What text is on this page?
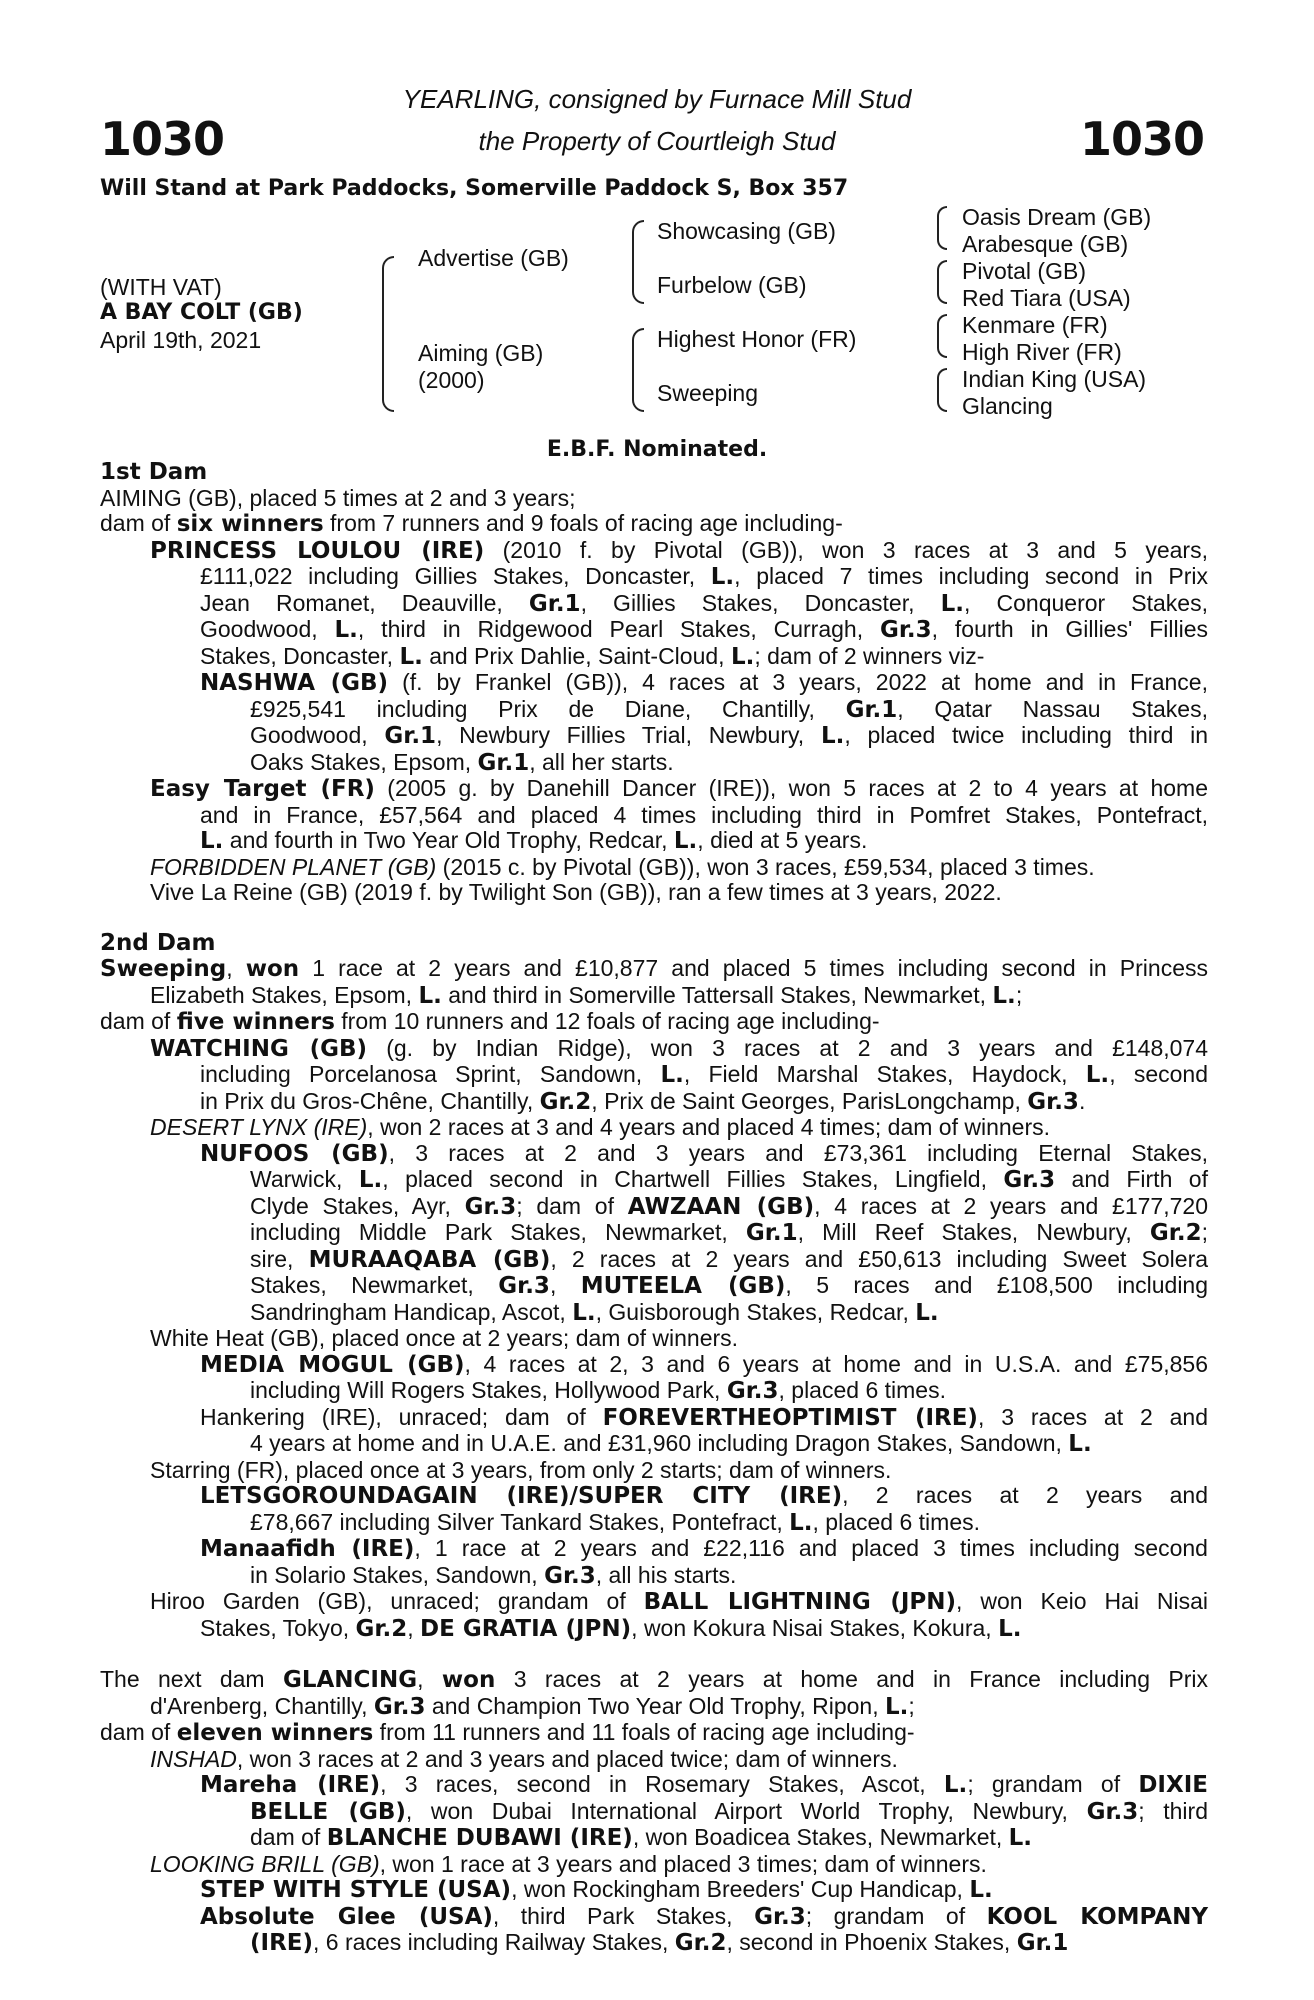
1030	1030
YEARLING, consigned by Furnace Mill Stud
the Property of Courtleigh Stud
Will Stand at Park Paddocks, Somerville Paddock S, Box 357
(WITH VAT)
A BAY COLT (GB)
April 19th, 2021
Advertise (GB)
Aiming (GB)
(2000)
Showcasing (GB)
Furbelow (GB)
Highest Honor (FR)
Sweeping
Oasis Dream (GB)
Arabesque (GB)
Pivotal (GB)
Red Tiara (USA)
Kenmare (FR)
High River (FR)
Indian King (USA)
Glancing
E.B.F. Nominated.
1st Dam
AIMING (GB), placed 5 times at 2 and 3 years;
dam of six winners from 7 runners and 9 foals of racing age including-
PRINCESS LOULOU (IRE) (2010 f. by Pivotal (GB)), won 3 races at 3 and 5 years,
£111,022 including Gillies Stakes, Doncaster, L., placed 7 times including second in Prix
Jean Romanet, Deauville, Gr.1, Gillies Stakes, Doncaster, L., Conqueror Stakes,
Goodwood, L., third in Ridgewood Pearl Stakes, Curragh, Gr.3, fourth in Gillies' Fillies
Stakes, Doncaster, L. and Prix Dahlie, Saint-Cloud, L.; dam of 2 winners viz-
NASHWA (GB) (f. by Frankel (GB)), 4 races at 3 years, 2022 at home and in France,
£925,541 including Prix de Diane, Chantilly, Gr.1, Qatar Nassau Stakes,
Goodwood, Gr.1, Newbury Fillies Trial, Newbury, L., placed twice including third in
Oaks Stakes, Epsom, Gr.1, all her starts.
Easy Target (FR) (2005 g. by Danehill Dancer (IRE)), won 5 races at 2 to 4 years at home
and in France, £57,564 and placed 4 times including third in Pomfret Stakes, Pontefract,
L. and fourth in Two Year Old Trophy, Redcar, L., died at 5 years.
FORBIDDEN PLANET (GB) (2015 c. by Pivotal (GB)), won 3 races, £59,534, placed 3 times.
Vive La Reine (GB) (2019 f. by Twilight Son (GB)), ran a few times at 3 years, 2022.
2nd Dam
Sweeping, won 1 race at 2 years and £10,877 and placed 5 times including second in Princess
Elizabeth Stakes, Epsom, L. and third in Somerville Tattersall Stakes, Newmarket, L.;
dam of five winners from 10 runners and 12 foals of racing age including-
WATCHING (GB) (g. by Indian Ridge), won 3 races at 2 and 3 years and £148,074
including Porcelanosa Sprint, Sandown, L., Field Marshal Stakes, Haydock, L., second
in Prix du Gros-Chêne, Chantilly, Gr.2, Prix de Saint Georges, ParisLongchamp, Gr.3.
DESERT LYNX (IRE), won 2 races at 3 and 4 years and placed 4 times; dam of winners.
NUFOOS (GB), 3 races at 2 and 3 years and £73,361 including Eternal Stakes,
Warwick, L., placed second in Chartwell Fillies Stakes, Lingfield, Gr.3 and Firth of
Clyde Stakes, Ayr, Gr.3; dam of AWZAAN (GB), 4 races at 2 years and £177,720
including Middle Park Stakes, Newmarket, Gr.1, Mill Reef Stakes, Newbury, Gr.2;
sire, MURAAQABA (GB), 2 races at 2 years and £50,613 including Sweet Solera
Stakes, Newmarket, Gr.3, MUTEELA (GB), 5 races and £108,500 including
Sandringham Handicap, Ascot, L., Guisborough Stakes, Redcar, L.
White Heat (GB), placed once at 2 years; dam of winners.
MEDIA MOGUL (GB), 4 races at 2, 3 and 6 years at home and in U.S.A. and £75,856
including Will Rogers Stakes, Hollywood Park, Gr.3, placed 6 times.
Hankering (IRE), unraced; dam of FOREVERTHEOPTIMIST (IRE), 3 races at 2 and
4 years at home and in U.A.E. and £31,960 including Dragon Stakes, Sandown, L.
Starring (FR), placed once at 3 years, from only 2 starts; dam of winners.
LETSGOROUNDAGAIN (IRE)/SUPER CITY (IRE), 2 races at 2 years and
£78,667 including Silver Tankard Stakes, Pontefract, L., placed 6 times.
Manaafidh (IRE), 1 race at 2 years and £22,116 and placed 3 times including second
in Solario Stakes, Sandown, Gr.3, all his starts.
Hiroo Garden (GB), unraced; grandam of BALL LIGHTNING (JPN), won Keio Hai Nisai
Stakes, Tokyo, Gr.2, DE GRATIA (JPN), won Kokura Nisai Stakes, Kokura, L.
The next dam GLANCING, won 3 races at 2 years at home and in France including Prix
d'Arenberg, Chantilly, Gr.3 and Champion Two Year Old Trophy, Ripon, L.;
dam of eleven winners from 11 runners and 11 foals of racing age including-
INSHAD, won 3 races at 2 and 3 years and placed twice; dam of winners.
Mareha (IRE), 3 races, second in Rosemary Stakes, Ascot, L.; grandam of DIXIE
BELLE (GB), won Dubai International Airport World Trophy, Newbury, Gr.3; third
dam of BLANCHE DUBAWI (IRE), won Boadicea Stakes, Newmarket, L.
LOOKING BRILL (GB), won 1 race at 3 years and placed 3 times; dam of winners.
STEP WITH STYLE (USA), won Rockingham Breeders' Cup Handicap, L.
Absolute Glee (USA), third Park Stakes, Gr.3; grandam of KOOL KOMPANY
(IRE), 6 races including Railway Stakes, Gr.2, second in Phoenix Stakes, Gr.1
